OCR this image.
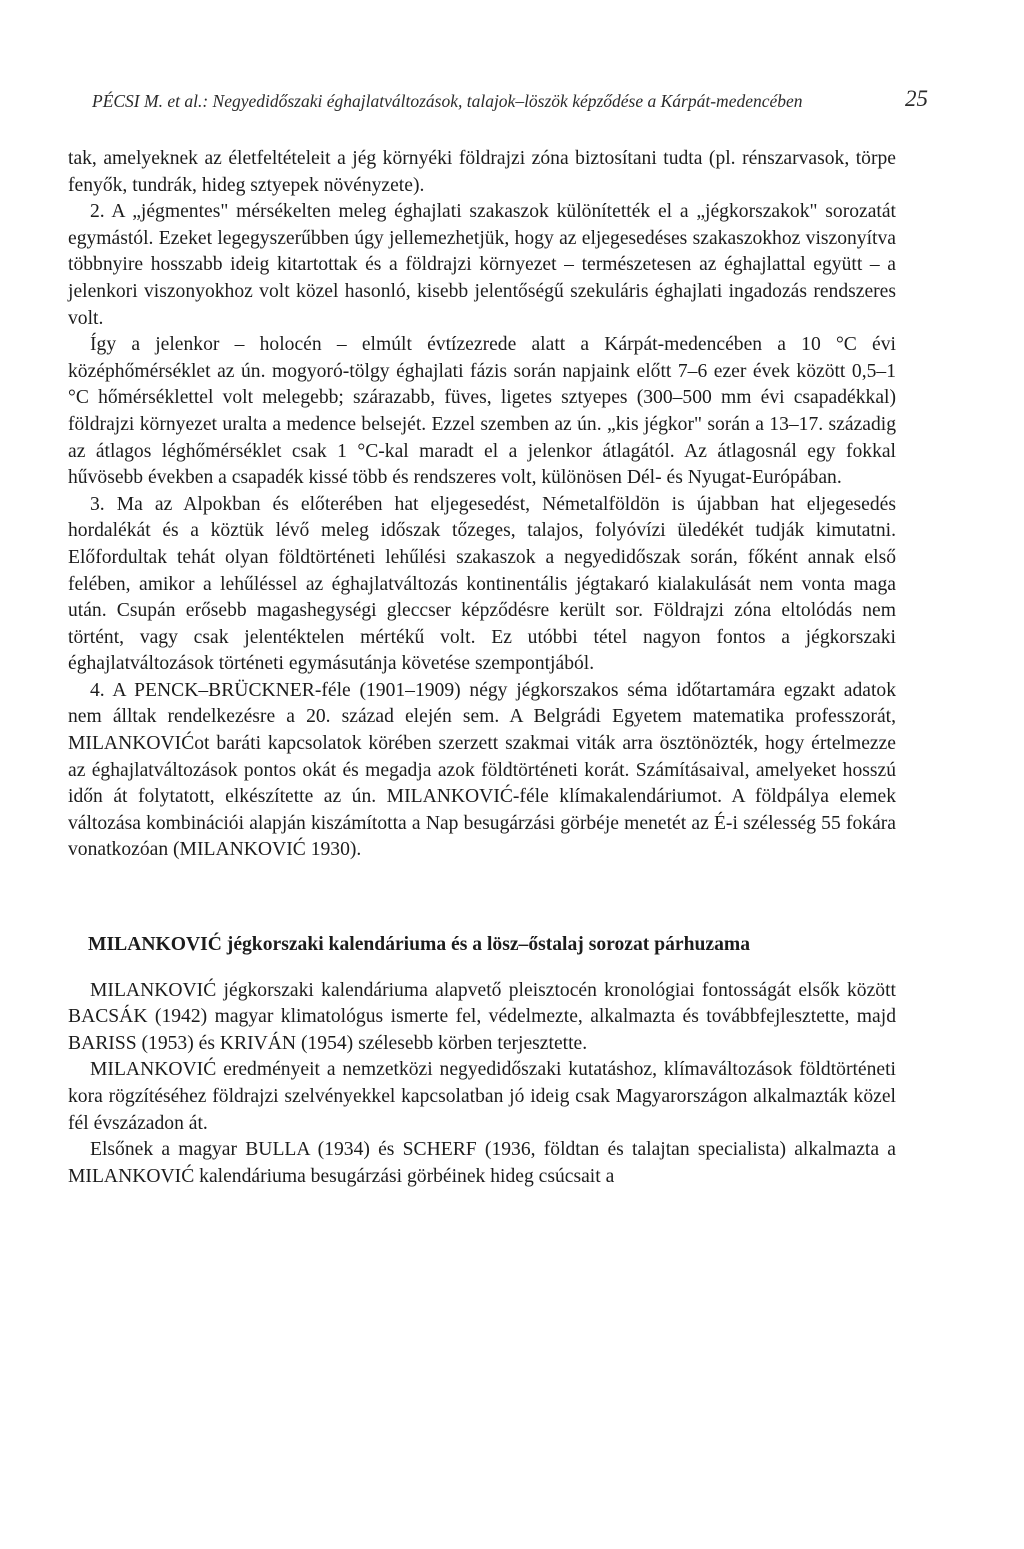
PÉCSI M. et al.: Negyedidőszaki éghajlatváltozások, talajok–löszök képződése a Kárpát-medencében	25

tak, amelyeknek az életfeltételeit a jég környéki földrajzi zóna biztosítani tudta (pl. rénszarvasok, törpe fenyők, tundrák, hideg sztyepek növényzete).

2. A „jégmentes" mérsékelten meleg éghajlati szakaszok különítették el a „jégkorszakok" sorozatát egymástól. Ezeket legegyszerűbben úgy jellemezhetjük, hogy az eljegesedéses szakaszokhoz viszonyítva többnyire hosszabb ideig kitartottak és a földrajzi környezet – természetesen az éghajlattal együtt – a jelenkori viszonyokhoz volt közel hasonló, kisebb jelentőségű szekuláris éghajlati ingadozás rendszeres volt.

Így a jelenkor – holocén – elmúlt évtízezrede alatt a Kárpát-medencében a 10 °C évi középhőmérséklet az ún. mogyoró-tölgy éghajlati fázis során napjaink előtt 7–6 ezer évek között 0,5–1 °C hőmérséklettel volt melegebb; szárazabb, füves, ligetes sztyepes (300–500 mm évi csapadékkal) földrajzi környezet uralta a medence belsejét. Ezzel szemben az ún. „kis jégkor" során a 13–17. századig az átlagos léghőmérséklet csak 1 °C-kal maradt el a jelenkor átlagától. Az átlagosnál egy fokkal hűvösebb években a csapadék kissé több és rendszeres volt, különösen Dél- és Nyugat-Európában.

3. Ma az Alpokban és előterében hat eljegesedést, Németalföldön is újabban hat eljegesedés hordalékát és a köztük lévő meleg időszak tőzeges, talajos, folyóvízi üledékét tudják kimutatni. Előfordultak tehát olyan földtörténeti lehűlési szakaszok a negyedidőszak során, főként annak első felében, amikor a lehűléssel az éghajlatváltozás kontinentális jégtakaró kialakulását nem vonta maga után. Csupán erősebb magashegységi gleccser képződésre került sor. Földrajzi zóna eltolódás nem történt, vagy csak jelentéktelen mértékű volt. Ez utóbbi tétel nagyon fontos a jégkorszaki éghajlatváltozások történeti egymásutánja követése szempontjából.

4. A PENCK–BRÜCKNER-féle (1901–1909) négy jégkorszakos séma időtartamára egzakt adatok nem álltak rendelkezésre a 20. század elején sem. A Belgrádi Egyetem matematika professzorát, MILANKOVIĆot baráti kapcsolatok körében szerzett szakmai viták arra ösztönözték, hogy értelmezze az éghajlatváltozások pontos okát és megadja azok földtörténeti korát. Számításaival, amelyeket hosszú időn át folytatott, elkészítette az ún. MILANKOVIĆ-féle klímakalendáriumot. A földpálya elemek változása kombinációi alapján kiszámította a Nap besugárzási görbéje menetét az É-i szélesség 55 fokára vonatkozóan (MILANKOVIĆ 1930).

MILANKOVIĆ jégkorszaki kalendáriuma és a lösz–őstalaj sorozat párhuzama

MILANKOVIĆ jégkorszaki kalendáriuma alapvető pleisztocén kronológiai fontosságát elsők között BACSÁK (1942) magyar klimatológus ismerte fel, védelmezte, alkalmazta és továbbfejlesztette, majd BARISS (1953) és KRIVÁN (1954) szélesebb körben terjesztette.

MILANKOVIĆ eredményeit a nemzetközi negyedidőszaki kutatáshoz, klímaváltozások földtörténeti kora rögzítéséhez földrajzi szelvényekkel kapcsolatban jó ideig csak Magyarországon alkalmazták közel fél évszázadon át.

Elsőnek a magyar BULLA (1934) és SCHERF (1936, földtan és talajtan specialista) alkalmazta a MILANKOVIĆ kalendáriuma besugárzási görbéinek hideg csúcsait a
